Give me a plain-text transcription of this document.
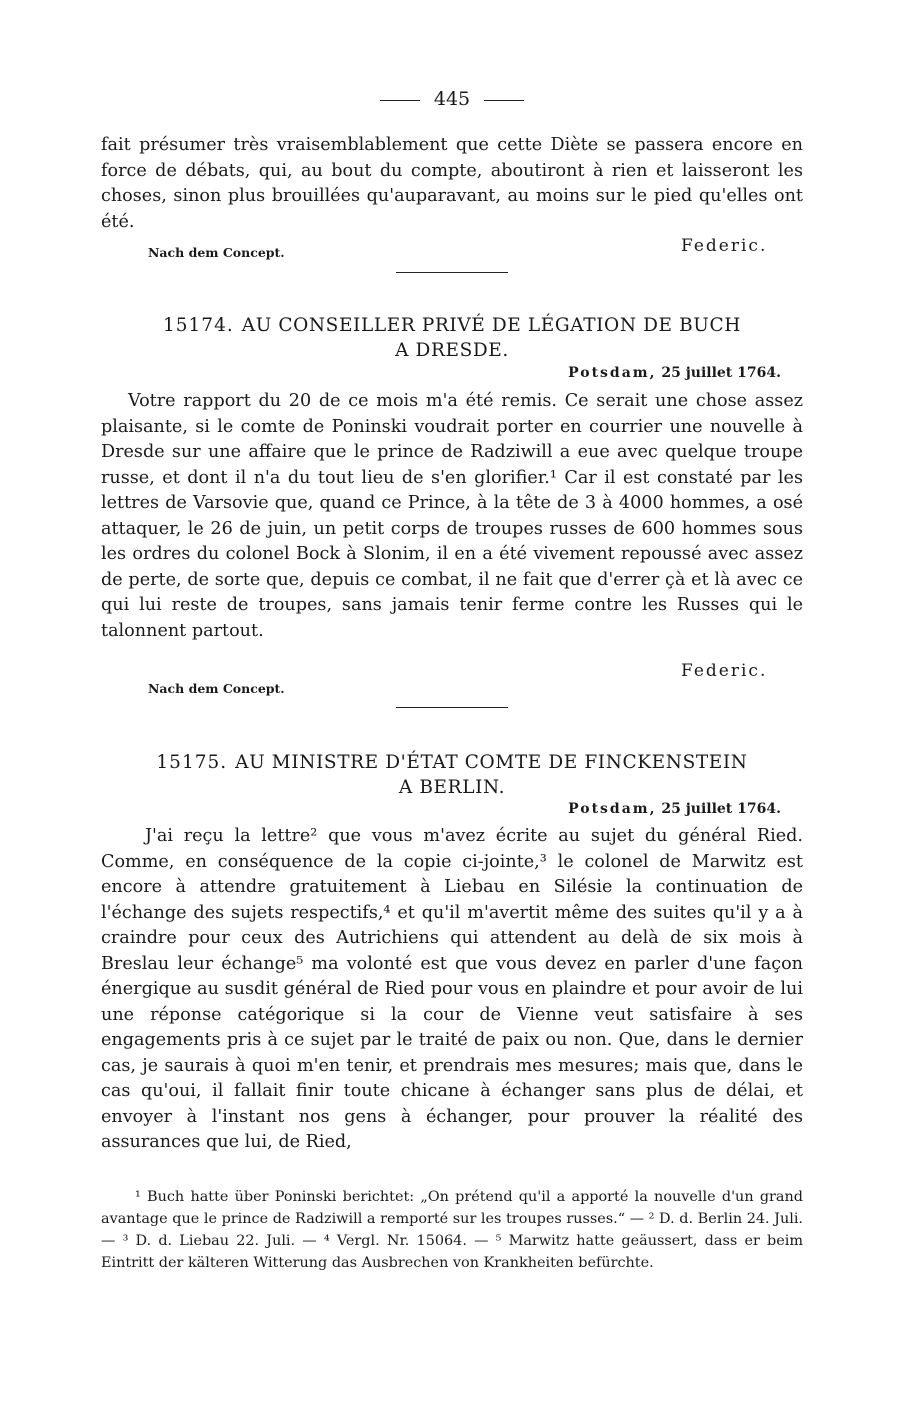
445
fait présumer très vraisemblablement que cette Diète se passera encore en force de débats, qui, au bout du compte, aboutiront à rien et laisseront les choses, sinon plus brouillées qu'auparavant, au moins sur le pied qu'elles ont été.
Nach dem Concept.	Federic.
15174. AU CONSEILLER PRIVÉ DE LÉGATION DE BUCH
A DRESDE.
Potsdam, 25 juillet 1764.
Votre rapport du 20 de ce mois m'a été remis. Ce serait une chose assez plaisante, si le comte de Poninski voudrait porter en courrier une nouvelle à Dresde sur une affaire que le prince de Radziwill a eue avec quelque troupe russe, et dont il n'a du tout lieu de s'en glorifier.¹ Car il est constaté par les lettres de Varsovie que, quand ce Prince, à la tête de 3 à 4000 hommes, a osé attaquer, le 26 de juin, un petit corps de troupes russes de 600 hommes sous les ordres du colonel Bock à Slonim, il en a été vivement repoussé avec assez de perte, de sorte que, depuis ce combat, il ne fait que d'errer çà et là avec ce qui lui reste de troupes, sans jamais tenir ferme contre les Russes qui le talonnent partout.
Federic.
Nach dem Concept.
15175. AU MINISTRE D'ÉTAT COMTE DE FINCKENSTEIN
A BERLIN.
Potsdam, 25 juillet 1764.
J'ai reçu la lettre² que vous m'avez écrite au sujet du général Ried. Comme, en conséquence de la copie ci-jointe,³ le colonel de Marwitz est encore à attendre gratuitement à Liebau en Silésie la continuation de l'échange des sujets respectifs,⁴ et qu'il m'avertit même des suites qu'il y a à craindre pour ceux des Autrichiens qui attendent au delà de six mois à Breslau leur échange⁵ ma volonté est que vous devez en parler d'une façon énergique au susdit général de Ried pour vous en plaindre et pour avoir de lui une réponse catégorique si la cour de Vienne veut satisfaire à ses engagements pris à ce sujet par le traité de paix ou non. Que, dans le dernier cas, je saurais à quoi m'en tenir, et prendrais mes mesures; mais que, dans le cas qu'oui, il fallait finir toute chicane à échanger sans plus de délai, et envoyer à l'instant nos gens à échanger, pour prouver la réalité des assurances que lui, de Ried,
¹ Buch hatte über Poninski berichtet: „On prétend qu'il a apporté la nouvelle d'un grand avantage que le prince de Radziwill a remporté sur les troupes russes.“ — ² D. d. Berlin 24. Juli. — ³ D. d. Liebau 22. Juli. — ⁴ Vergl. Nr. 15064. — ⁵ Marwitz hatte geäussert, dass er beim Eintritt der kälteren Witterung das Ausbrechen von Krankheiten befürchte.
